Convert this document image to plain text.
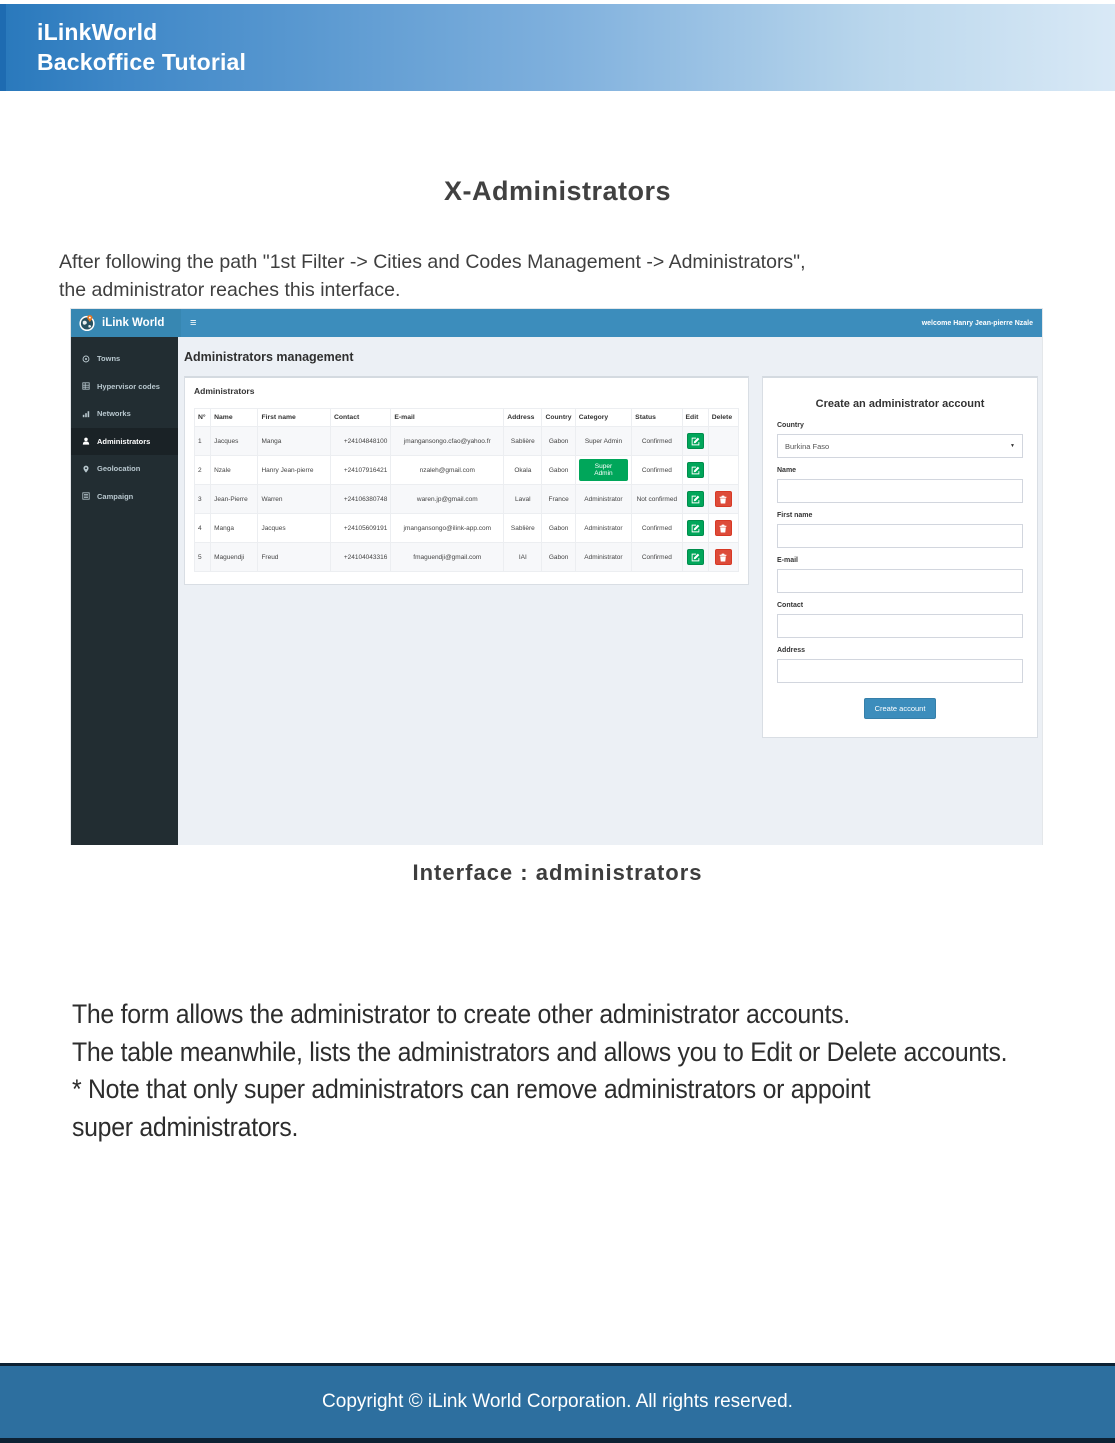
iLinkWorld
Backoffice Tutorial
X-Administrators
After following the path "1st Filter -> Cities and Codes Management -> Administrators",
the administrator reaches this interface.
iLink World ≡	welcome Hanry Jean-pierre Nzale
Towns
Hypervisor codes
Networks
Administrators
Geolocation
Campaign
Administrators management
Administrators
N°	Name	First name	Contact	E-mail	Address	Country	Category	Status	Edit	Delete
1	Jacques	Manga	+24104848100	jmangansongo.cfao@yahoo.fr	Sablière	Gabon	Super Admin	Confirmed	

2	Nzale	Hanry Jean-pierre	+24107916421	nzaleh@gmail.com	Okala	Gabon	Super Admin	Confirmed	

3	Jean-Pierre	Warren	+24106380748	waren.jp@gmail.com	Laval	France	Administrator	Not confirmed	

4	Manga	Jacques	+24105609191	jmangansongo@ilink-app.com	Sablière	Gabon	Administrator	Confirmed	

5	Maguendji	Freud	+24104043316	fmaguendji@gmail.com	IAI	Gabon	Administrator	Confirmed	

Create an administrator account
Country
Burkina Faso	▼
Name
First name
E-mail
Contact
Address
Create account
Interface : administrators
The form allows the administrator to create other administrator accounts.
The table meanwhile, lists the administrators and allows you to Edit or Delete accounts.
* Note that only super administrators can remove administrators or appoint
super administrators.
Copyright © iLink World Corporation. All rights reserved.
